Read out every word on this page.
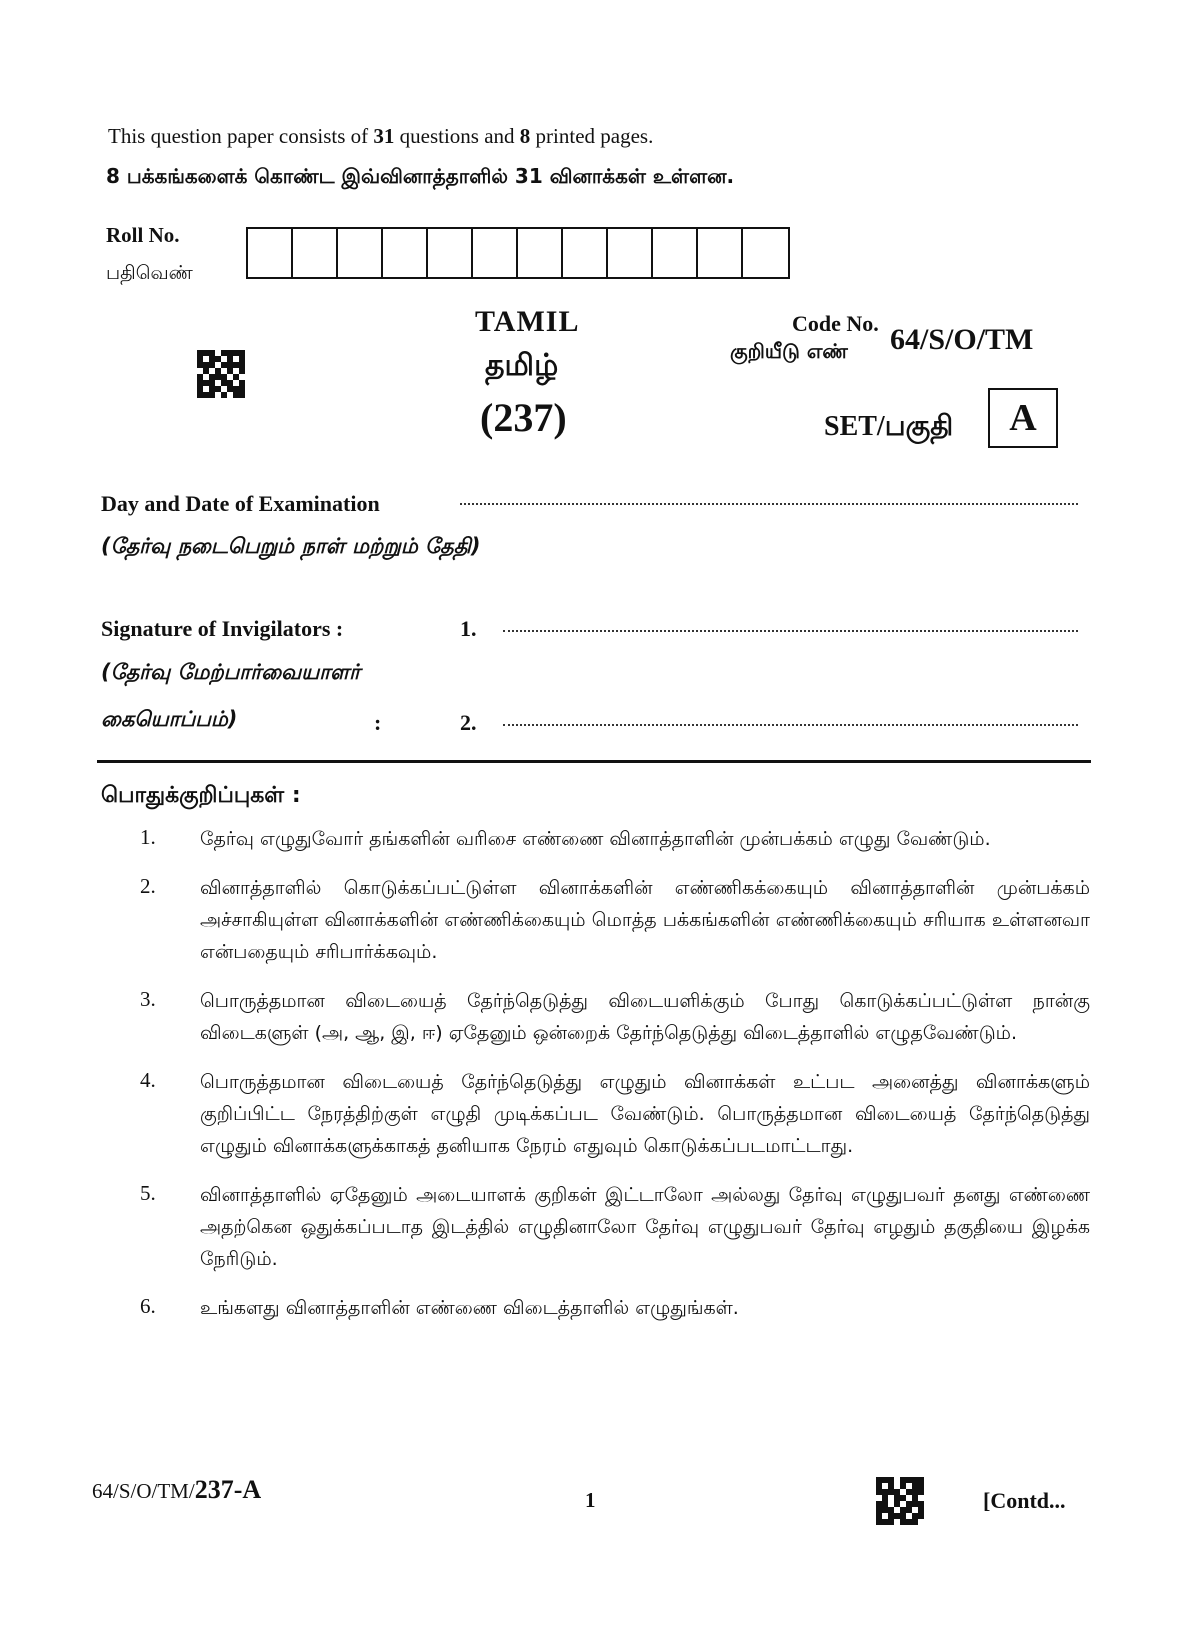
This question paper consists of 31 questions and 8 printed pages.
8 பக்கங்களைக் கொண்ட இவ்வினாத்தாளில் 31 வினாக்கள் உள்ளன.
Roll No.
பதிவெண்
TAMIL
தமிழ்
(237)
Code No.
குறியீடு எண் 64/S/O/TM
SET/பகுதி	A
Day and Date of Examination
(தேர்வு நடைபெறும் நாள் மற்றும் தேதி)
Signature of Invigilators :
(தேர்வு மேற்பார்வையாளர்
கையொப்பம்)	:
1.
2.
பொதுக்குறிப்புகள் :
1.	தேர்வு எழுதுவோர் தங்களின் வரிசை எண்ணை வினாத்தாளின் முன்பக்கம் எழுது வேண்டும்.
2.	வினாத்தாளில் கொடுக்கப்பட்டுள்ள வினாக்களின் எண்ணிகக்கையும் வினாத்தாளின் முன்பக்கம் அச்சாகியுள்ள வினாக்களின் எண்ணிக்கையும் மொத்த பக்கங்களின் எண்ணிக்கையும் சரியாக உள்ளனவா என்பதையும் சரிபார்க்கவும்.
3.	பொருத்தமான விடையைத் தேர்ந்தெடுத்து விடையளிக்கும் போது கொடுக்கப்பட்டுள்ள நான்கு விடைகளுள் (அ, ஆ, இ, ஈ) ஏதேனும் ஒன்றைக் தேர்ந்தெடுத்து விடைத்தாளில் எழுதவேண்டும்.
4.	பொருத்தமான விடையைத் தேர்ந்தெடுத்து எழுதும் வினாக்கள் உட்பட அனைத்து வினாக்களும் குறிப்பிட்ட நேரத்திற்குள் எழுதி முடிக்கப்பட வேண்டும். பொருத்தமான விடையைத் தேர்ந்தெடுத்து எழுதும் வினாக்களுக்காகத் தனியாக நேரம் எதுவும் கொடுக்கப்படமாட்டாது.
5.	வினாத்தாளில் ஏதேனும் அடையாளக் குறிகள் இட்டாலோ அல்லது தேர்வு எழுதுபவர் தனது எண்ணை அதற்கென ஒதுக்கப்படாத இடத்தில் எழுதினாலோ தேர்வு எழுதுபவர் தேர்வு எழதும் தகுதியை இழக்க நேரிடும்.
6.	உங்களது வினாத்தாளின் எண்ணை விடைத்தாளில் எழுதுங்கள்.
64/S/O/TM/237-A	1	[Contd...
